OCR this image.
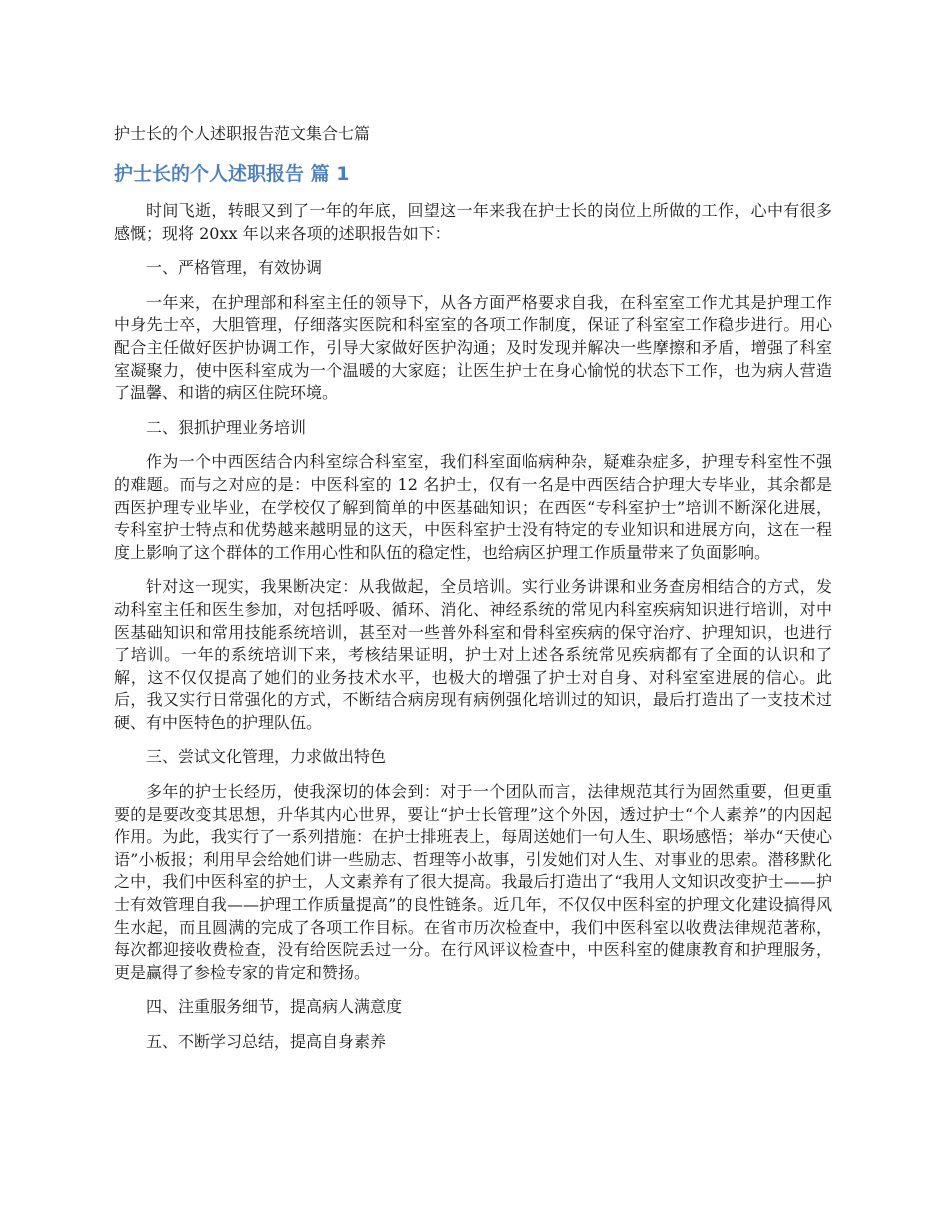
护士长的个人述职报告范文集合七篇
护士长的个人述职报告 篇 1

时间飞逝，转眼又到了一年的年底，回望这一年来我在护士长的岗位上所做的工作，心中有很多感慨；现将 20xx 年以来各项的述职报告如下：

一、严格管理，有效协调

一年来，在护理部和科室主任的领导下，从各方面严格要求自我，在科室室工作尤其是护理工作中身先士卒，大胆管理，仔细落实医院和科室室的各项工作制度，保证了科室室工作稳步进行。用心配合主任做好医护协调工作，引导大家做好医护沟通；及时发现并解决一些摩擦和矛盾，增强了科室室凝聚力，使中医科室成为一个温暖的大家庭；让医生护士在身心愉悦的状态下工作，也为病人营造了温馨、和谐的病区住院环境。

二、狠抓护理业务培训

作为一个中西医结合内科室综合科室室，我们科室面临病种杂，疑难杂症多，护理专科室性不强的难题。而与之对应的是：中医科室的 12 名护士，仅有一名是中西医结合护理大专毕业，其余都是西医护理专业毕业，在学校仅了解到简单的中医基础知识；在西医“专科室护士”培训不断深化进展，专科室护士特点和优势越来越明显的这天，中医科室护士没有特定的专业知识和进展方向，这在一程度上影响了这个群体的工作用心性和队伍的稳定性，也给病区护理工作质量带来了负面影响。

针对这一现实，我果断决定：从我做起，全员培训。实行业务讲课和业务查房相结合的方式，发动科室主任和医生参加，对包括呼吸、循环、消化、神经系统的常见内科室疾病知识进行培训，对中医基础知识和常用技能系统培训，甚至对一些普外科室和骨科室疾病的保守治疗、护理知识，也进行了培训。一年的系统培训下来，考核结果证明，护士对上述各系统常见疾病都有了全面的认识和了解，这不仅仅提高了她们的业务技术水平，也极大的增强了护士对自身、对科室室进展的信心。此后，我又实行日常强化的方式，不断结合病房现有病例强化培训过的知识，最后打造出了一支技术过硬、有中医特色的护理队伍。

三、尝试文化管理，力求做出特色

多年的护士长经历，使我深切的体会到：对于一个团队而言，法律规范其行为固然重要，但更重要的是要改变其思想，升华其内心世界，要让“护士长管理”这个外因，透过护士“个人素养”的内因起作用。为此，我实行了一系列措施：在护士排班表上，每周送她们一句人生、职场感悟；举办“天使心语”小板报；利用早会给她们讲一些励志、哲理等小故事，引发她们对人生、对事业的思索。潜移默化之中，我们中医科室的护士，人文素养有了很大提高。我最后打造出了“我用人文知识改变护士——护士有效管理自我——护理工作质量提高”的良性链条。近几年，不仅仅中医科室的护理文化建设搞得风生水起，而且圆满的完成了各项工作目标。在省市历次检查中，我们中医科室以收费法律规范著称，每次都迎接收费检查，没有给医院丢过一分。在行风评议检查中，中医科室的健康教育和护理服务，更是赢得了参检专家的肯定和赞扬。

四、注重服务细节，提高病人满意度

五、不断学习总结，提高自身素养
